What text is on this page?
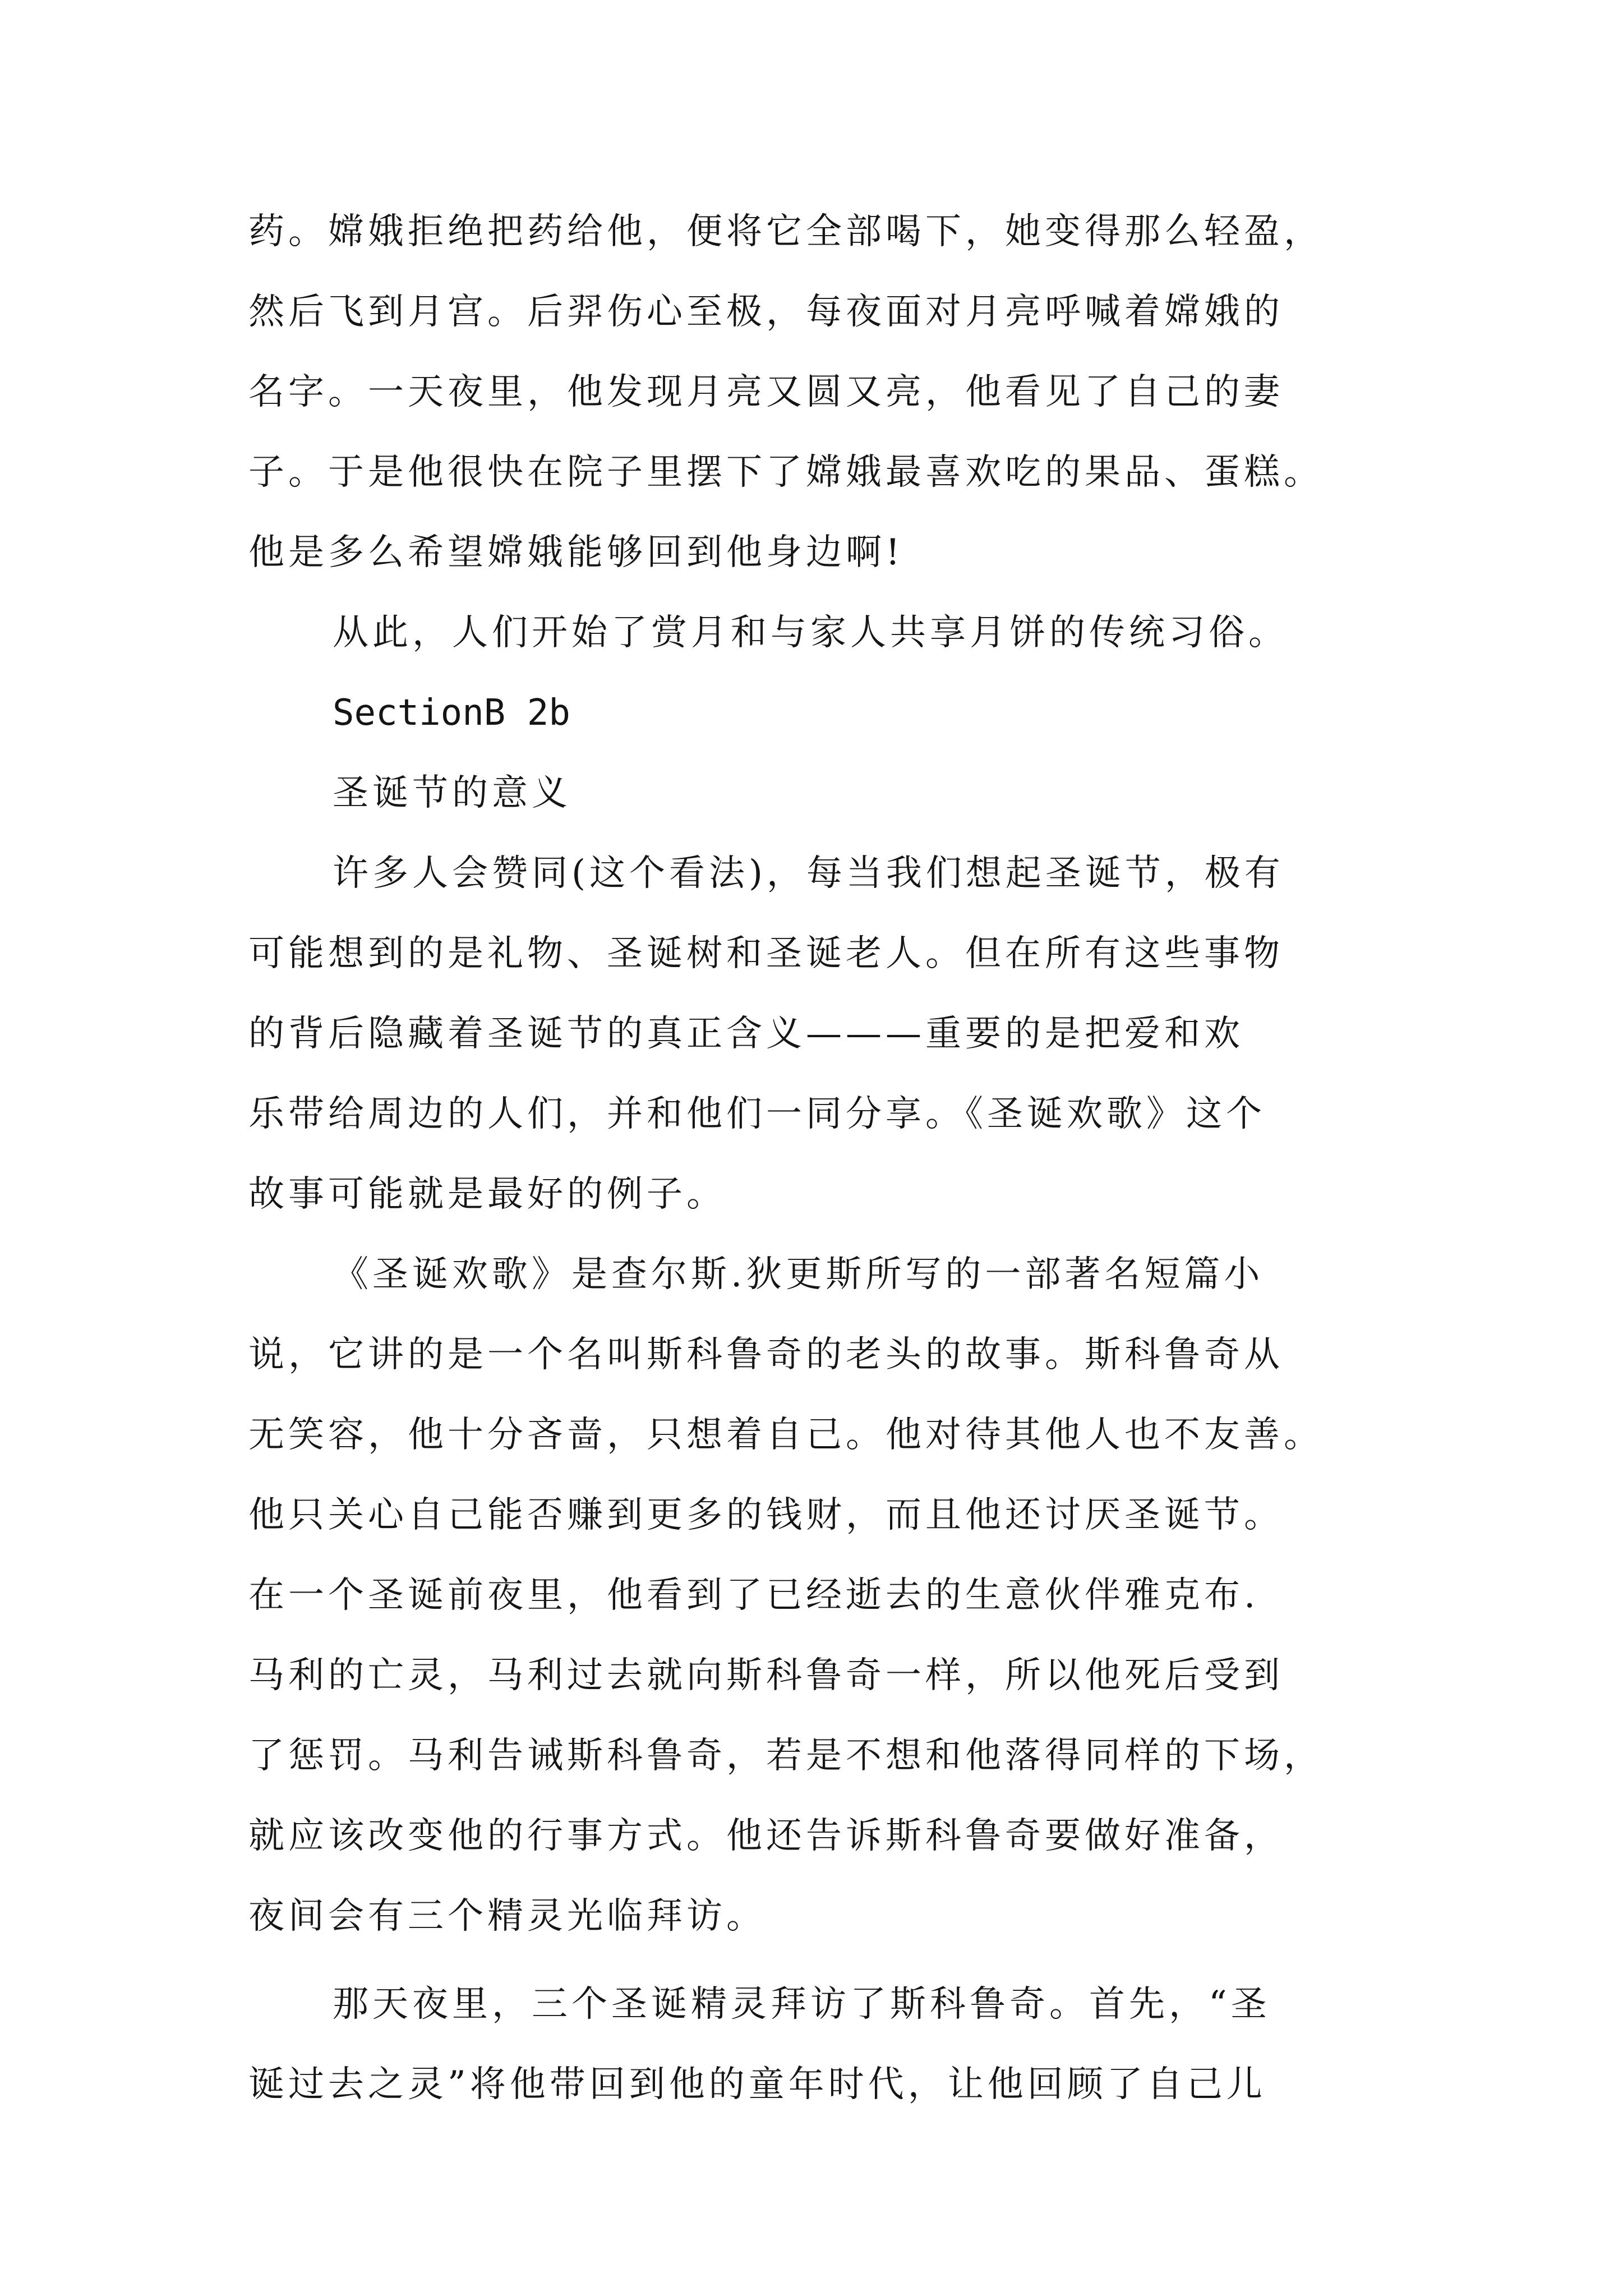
药。嫦娥拒绝把药给他，便将它全部喝下，她变得那么轻盈，
然后飞到月宫。后羿伤心至极，每夜面对月亮呼喊着嫦娥的
名字。一天夜里，他发现月亮又圆又亮，他看见了自己的妻
子。于是他很快在院子里摆下了嫦娥最喜欢吃的果品、蛋糕。
他是多么希望嫦娥能够回到他身边啊!
从此，人们开始了赏月和与家人共享月饼的传统习俗。
SectionB 2b
圣诞节的意义
许多人会赞同(这个看法)，每当我们想起圣诞节，极有
可能想到的是礼物、圣诞树和圣诞老人。但在所有这些事物
的背后隐藏着圣诞节的真正含义———重要的是把爱和欢
乐带给周边的人们，并和他们一同分享。《圣诞欢歌》这个
故事可能就是最好的例子。
《圣诞欢歌》是查尔斯.狄更斯所写的一部著名短篇小
说，它讲的是一个名叫斯科鲁奇的老头的故事。斯科鲁奇从
无笑容，他十分吝啬，只想着自己。他对待其他人也不友善。
他只关心自己能否赚到更多的钱财，而且他还讨厌圣诞节。
在一个圣诞前夜里，他看到了已经逝去的生意伙伴雅克布.
马利的亡灵，马利过去就向斯科鲁奇一样，所以他死后受到
了惩罚。马利告诫斯科鲁奇，若是不想和他落得同样的下场，
就应该改变他的行事方式。他还告诉斯科鲁奇要做好准备，
夜间会有三个精灵光临拜访。
那天夜里，三个圣诞精灵拜访了斯科鲁奇。首先，“圣
诞过去之灵”将他带回到他的童年时代，让他回顾了自己儿
